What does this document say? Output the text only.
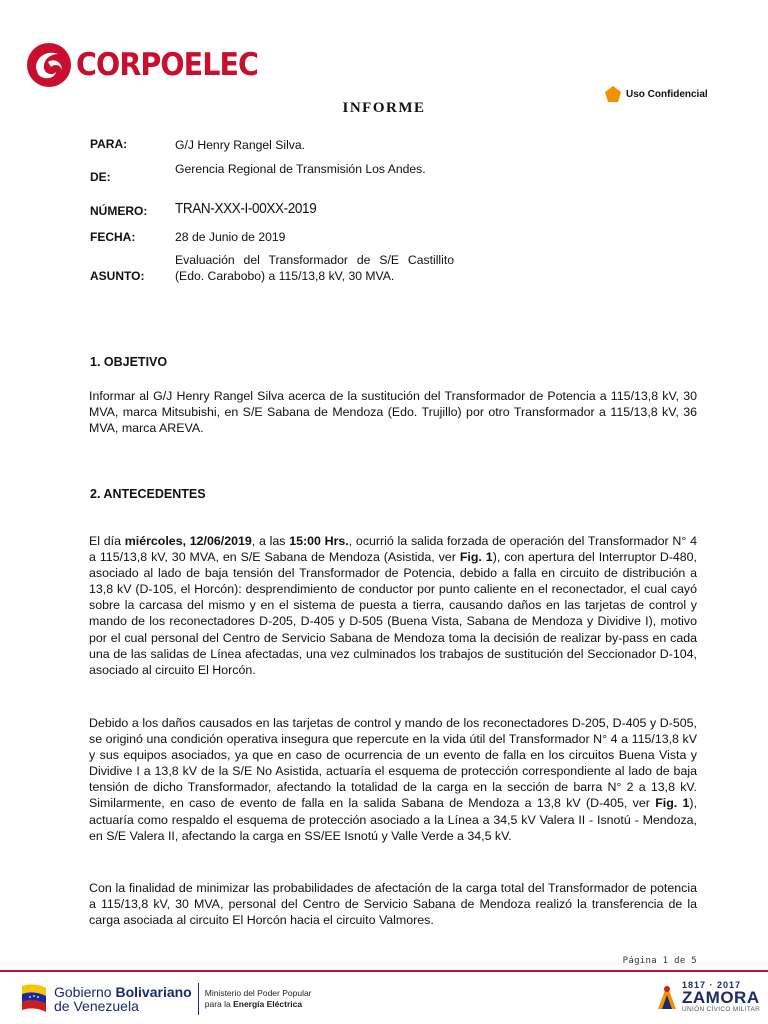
CORPOELEC
Uso Confidencial
INFORME
PARA:	G/J Henry Rangel Silva.
DE:
Gerencia Regional de Transmisión Los Andes.
NÚMERO: TRAN-XXX-I-00XX-2019
FECHA:	28 de Junio de 2019
ASUNTO:
Evaluación del Transformador de S/E Castillito (Edo. Carabobo) a 115/13,8 kV, 30 MVA.
1. OBJETIVO
Informar al G/J Henry Rangel Silva acerca de la sustitución del Transformador de Potencia a 115/13,8 kV, 30 MVA, marca Mitsubishi, en S/E Sabana de Mendoza (Edo. Trujillo) por otro Transformador a 115/13,8 kV, 36 MVA, marca AREVA.
2. ANTECEDENTES
El día miércoles, 12/06/2019, a las 15:00 Hrs., ocurrió la salida forzada de operación del Transformador N° 4 a 115/13,8 kV, 30 MVA, en S/E Sabana de Mendoza (Asistida, ver Fig. 1), con apertura del Interruptor D-480, asociado al lado de baja tensión del Transformador de Potencia, debido a falla en circuito de distribución a 13,8 kV (D-105, el Horcón): desprendimiento de conductor por punto caliente en el reconectador, el cual cayó sobre la carcasa del mismo y en el sistema de puesta a tierra, causando daños en las tarjetas de control y mando de los reconectadores D-205, D-405 y D-505 (Buena Vista, Sabana de Mendoza y Dividive I), motivo por el cual personal del Centro de Servicio Sabana de Mendoza toma la decisión de realizar by-pass en cada una de las salidas de Línea afectadas, una vez culminados los trabajos de sustitución del Seccionador D-104, asociado al circuito El Horcón.
Debido a los daños causados en las tarjetas de control y mando de los reconectadores D-205, D-405 y D-505, se originó una condición operativa insegura que repercute en la vida útil del Transformador N° 4 a 115/13,8 kV y sus equipos asociados, ya que en caso de ocurrencia de un evento de falla en los circuitos Buena Vista y Dividive I a 13,8 kV de la S/E No Asistida, actuaría el esquema de protección correspondiente al lado de baja tensión de dicho Transformador, afectando la totalidad de la carga en la sección de barra N° 2 a 13,8 kV. Similarmente, en caso de evento de falla en la salida Sabana de Mendoza a 13,8 kV (D-405, ver Fig. 1), actuaría como respaldo el esquema de protección asociado a la Línea a 34,5 kV Valera II - Isnotú - Mendoza, en S/E Valera II, afectando la carga en SS/EE Isnotú y Valle Verde a 34,5 kV.
Con la finalidad de minimizar las probabilidades de afectación de la carga total del Transformador de potencia a 115/13,8 kV, 30 MVA, personal del Centro de Servicio Sabana de Mendoza realizó la transferencia de la carga asociada al circuito El Horcón hacia el circuito Valmores.
Página 1 de 5
Gobierno Bolivariano
de Venezuela
Ministerio del Poder Popular
para la Energía Eléctrica
1817 · 2017
ZAMORA
UNIÓN CÍVICO MILITAR
